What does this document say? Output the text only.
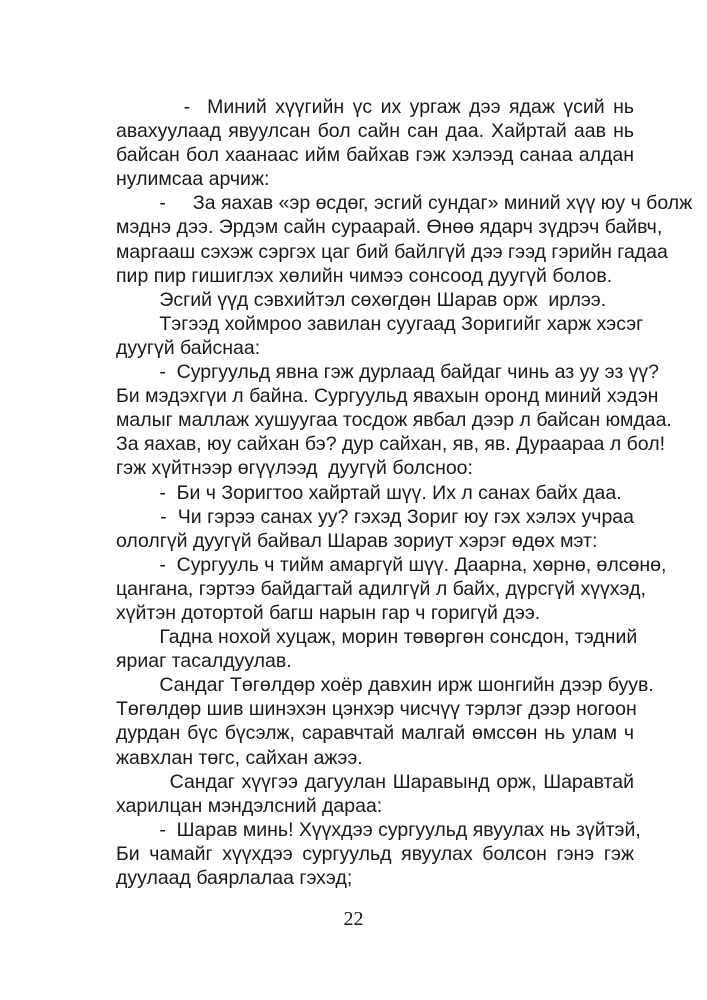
-  Миний хүүгийн үс их ургаж дээ ядаж үсий нь
авахуулаад явуулсан бол сайн сан даа. Хайртай аав нь
байсан бол хаанаас ийм байхав гэж хэлээд санаа алдан
нулимсаа арчиж:
-     За яахав «эр өсдөг, эсгий сундаг» миний хүү юу ч болж
мэднэ дээ. Эрдэм сайн сураарай. Өнөө ядарч зүдрэч байвч,
маргааш сэхэж сэргэх цаг бий байлгүй дээ гээд гэрийн гадаа
пир пир гишиглэх хөлийн чимээ сонсоод дуугүй болов.
Эсгий үүд сэвхийтэл сөхөгдөн Шарав орж  ирлээ.
Тэгээд хоймроо завилан суугаад Зоригийг харж хэсэг
дуугүй байснаа:
-  Сургуульд явна гэж дурлаад байдаг чинь аз уу эз үү?
Би мэдэхгүи л байна. Сургуульд явахын оронд миний хэдэн
малыг маллаж хушуугаа тосдож явбал дээр л байсан юмдаа.
За яахав, юу сайхан бэ? дур сайхан, яв, яв. Дураараа л бол!
гэж хүйтнээр өгүүлээд  дуугүй болсноо:
-  Би ч Зоригтоо хайртай шүү. Их л санах байх даа.
-  Чи гэрээ санах уу? гэхэд Зориг юу гэх хэлэх учраа
ололгүй дуугүй байвал Шарав зориут хэрэг өдөх мэт:
-  Сургууль ч тийм амаргүй шүү. Даарна, хөрнө, өлсөнө,
цангана, гэртээ байдагтай адилгүй л байх, дүрсгүй хүүхэд,
хүйтэн дотортой багш нарын гар ч горигүй дээ.
Гадна нохой хуцаж, морин төвөргөн сонсдон, тэдний
яриаг тасалдуулав.
Сандаг Төгөлдөр хоёр давхин ирж шонгийн дээр буув.
Төгөлдөр шив шинэхэн цэнхэр чисчүү тэрлэг дээр ногоон
дурдан бүс бүсэлж, саравчтай малгай өмссөн нь улам ч
жавхлан төгс, сайхан ажээ.
Сандаг хүүгээ дагуулан Шаравынд орж, Шаравтай
харилцан мэндэлсний дараа:
-  Шарав минь! Хүүхдээ сургуульд явуулах нь зүйтэй,
Би чамайг хүүхдээ сургуульд явуулах болсон гэнэ гэж
дуулаад баярлалаа гэхэд;
22
